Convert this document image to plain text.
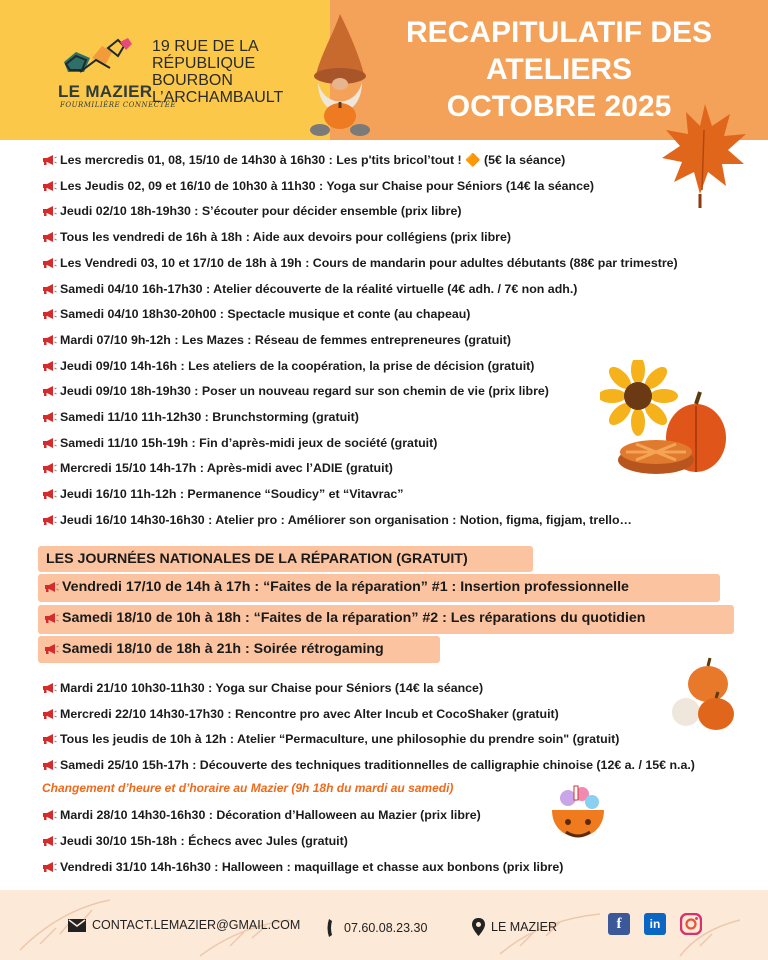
LE MAZIER
FOURMILIÈRE CONNECTÉE
19 RUE DE LA
RÉPUBLIQUE
BOURBON
L’ARCHAMBAULT
RECAPITULATIF DES
ATELIERS
OCTOBRE 2025
Les mercredis 01, 08, 15/10 de 14h30 à 16h30 : Les p'tits bricol’tout ! 🔶 (5€ la séance)
Les Jeudis 02, 09 et 16/10 de 10h30 à 11h30 : Yoga sur Chaise pour Séniors (14€ la séance)
Jeudi 02/10 18h-19h30 : S’écouter pour décider ensemble (prix libre)
Tous les vendredi de 16h à 18h : Aide aux devoirs pour collégiens (prix libre)
Les Vendredi 03, 10 et 17/10 de 18h à 19h : Cours de mandarin pour adultes débutants (88€ par trimestre)
Samedi 04/10 16h-17h30 : Atelier découverte de la réalité virtuelle (4€ adh. / 7€ non adh.)
Samedi 04/10 18h30-20h00 : Spectacle musique et conte (au chapeau)
Mardi 07/10 9h-12h : Les Mazes : Réseau de femmes entrepreneures (gratuit)
Jeudi 09/10 14h-16h : Les ateliers de la coopération, la prise de décision (gratuit)
Jeudi 09/10 18h-19h30 : Poser un nouveau regard sur son chemin de vie (prix libre)
Samedi 11/10 11h-12h30 : Brunchstorming (gratuit)
Samedi 11/10 15h-19h : Fin d’après-midi jeux de société (gratuit)
Mercredi 15/10 14h-17h : Après-midi avec l’ADIE (gratuit)
Jeudi 16/10 11h-12h : Permanence “Soudicy” et “Vitavrac”
Jeudi 16/10 14h30-16h30 : Atelier pro : Améliorer son organisation : Notion, figma, figjam, trello…
LES JOURNÉES NATIONALES DE LA RÉPARATION (GRATUIT)
Vendredi 17/10 de 14h à 17h : “Faites de la réparation” #1 : Insertion professionnelle
Samedi 18/10 de 10h à 18h : “Faites de la réparation” #2 : Les réparations du quotidien
Samedi 18/10 de 18h à 21h : Soirée rétrogaming
Mardi 21/10 10h30-11h30 : Yoga sur Chaise pour Séniors (14€ la séance)
Mercredi 22/10 14h30-17h30 : Rencontre pro avec Alter Incub et CocoShaker (gratuit)
Tous les jeudis de 10h à 12h : Atelier “Permaculture, une philosophie du prendre soin" (gratuit)
Samedi 25/10 15h-17h : Découverte des techniques traditionnelles de calligraphie chinoise (12€ a. / 15€ n.a.)
Changement d’heure et d’horaire au Mazier (9h 18h du mardi au samedi)
Mardi 28/10 14h30-16h30 : Décoration d’Halloween au Mazier (prix libre)
Jeudi 30/10 15h-18h : Échecs avec Jules (gratuit)
Vendredi 31/10 14h-16h30 : Halloween : maquillage et chasse aux bonbons (prix libre)
CONTACT.LEMAZIER@GMAIL.COM	07.60.08.23.30	LE MAZIER	f	in
